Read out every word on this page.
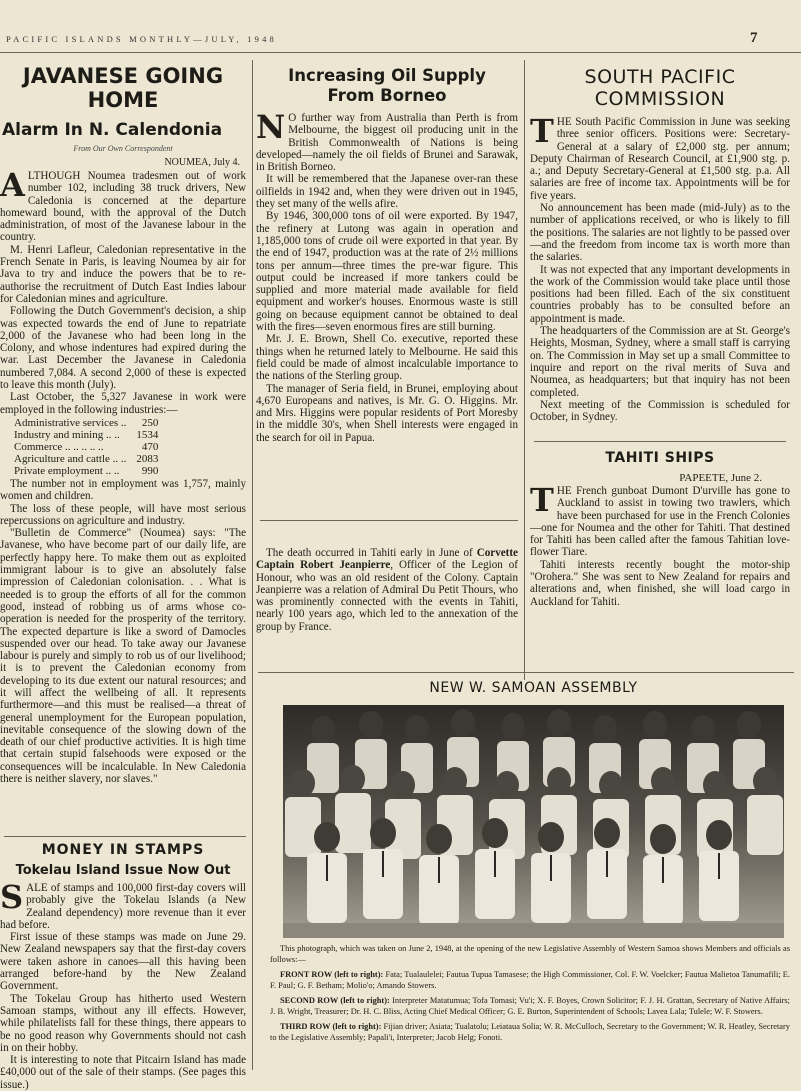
PACIFIC ISLANDS MONTHLY—JULY, 1948	7
JAVANESE GOING HOME
Alarm In N. Calendonia
From Our Own Correspondent
NOUMEA, July 4.

ALTHOUGH Noumea tradesmen out of work number 102, including 38 truck drivers, New Caledonia is concerned at the departure homeward bound, with the approval of the Dutch administration, of most of the Javanese labour in the country.

M. Henri Lafleur, Caledonian representative in the French Senate in Paris, is leaving Noumea by air for Java to try and induce the powers that be to re-authorise the recruitment of Dutch East Indies labour for Caledonian mines and agriculture.

Following the Dutch Government's decision, a ship was expected towards the end of June to repatriate 2,000 of the Javanese who had been long in the Colony, and whose indentures had expired during the war. Last December the Javanese in Caledonia numbered 7,084. A second 2,000 of these is expected to leave this month (July).

Last October, the 5,327 Javanese in work were employed in the following industries:—

Administrative services ..	250
Industry and mining .. ..	1534
Commerce .. .. .. .. ..	470
Agriculture and cattle .. ..	2083
Private employment .. ..	990

The number not in employment was 1,757, mainly women and children.

The loss of these people, will have most serious repercussions on agriculture and industry.

"Bulletin de Commerce" (Noumea) says: "The Javanese, who have become part of our daily life, are perfectly happy here. To make them out as exploited immigrant labour is to give an absolutely false impression of Caledonian colonisation. . . What is needed is to group the efforts of all for the common good, instead of robbing us of arms whose co-operation is needed for the prosperity of the territory. The expected departure is like a sword of Damocles suspended over our head. To take away our Javanese labour is purely and simply to rob us of our livelihood; it is to prevent the Caledonian economy from developing to its due extent our natural resources; and it will affect the wellbeing of all. It represents furthermore—and this must be realised—a threat of general unemployment for the European population, inevitable consequence of the slowing down of the death of our chief productive activities. It is high time that certain stupid falsehoods were exposed or the consequences will be incalculable. In New Caledonia there is neither slavery, nor slaves."

MONEY IN STAMPS
Tokelau Island Issue Now Out

SALE of stamps and 100,000 first-day covers will probably give the Tokelau Islands (a New Zealand dependency) more revenue than it ever had before.

First issue of these stamps was made on June 29. New Zealand newspapers say that the first-day covers were taken ashore in canoes—all this having been arranged before-hand by the New Zealand Government.

The Tokelau Group has hitherto used Western Samoan stamps, without any ill effects. However, while philatelists fall for these things, there appears to be no good reason why Governments should not cash in on their hobby.

It is interesting to note that Pitcairn Island has made £40,000 out of the sale of their stamps. (See pages this issue.)

Increasing Oil Supply
From Borneo

N O further way from Australia than Perth is from Melbourne, the biggest oil producing unit in the British Commonwealth of Nations is being developed—namely the oil fields of Brunei and Sarawak, in British Borneo.

It will be remembered that the Japanese over-ran these oilfields in 1942 and, when they were driven out in 1945, they set many of the wells afire.

By 1946, 300,000 tons of oil were exported. By 1947, the refinery at Lutong was again in operation and 1,185,000 tons of crude oil were exported in that year. By the end of 1947, production was at the rate of 2½ millions tons per annum—three times the pre-war figure. This output could be increased if more tankers could be supplied and more material made available for field equipment and worker's houses. Enormous waste is still going on because equipment cannot be obtained to deal with the fires—seven enormous fires are still burning.

Mr. J. E. Brown, Shell Co. executive, reported these things when he returned lately to Melbourne. He said this field could be made of almost incalculable importance to the nations of the Sterling group.

The manager of Seria field, in Brunei, employing about 4,670 Europeans and natives, is Mr. G. O. Higgins. Mr. and Mrs. Higgins were popular residents of Port Moresby in the middle 30's, when Shell interests were engaged in the search for oil in Papua.

The death occurred in Tahiti early in June of Corvette Captain Robert Jeanpierre, Officer of the Legion of Honour, who was an old resident of the Colony. Captain Jeanpierre was a relation of Admiral Du Petit Thours, who was prominently connected with the events in Tahiti, nearly 100 years ago, which led to the annexation of the group by France.

SOUTH PACIFIC
COMMISSION

THE South Pacific Commission in June was seeking three senior officers. Positions were: Secretary-General at a salary of £2,000 stg. per annum; Deputy Chairman of Research Council, at £1,900 stg. p. a.; and Deputy Secretary-General at £1,500 stg. p.a. All salaries are free of income tax. Appointments will be for five years.

No announcement has been made (mid-July) as to the number of applications received, or who is likely to fill the positions. The salaries are not lightly to be passed over—and the freedom from income tax is worth more than the salaries.

It was not expected that any important developments in the work of the Commission would take place until those positions had been filled. Each of the six constituent countries probably has to be consulted before an appointment is made.

The headquarters of the Commission are at St. George's Heights, Mosman, Sydney, where a small staff is carrying on. The Commission in May set up a small Committee to inquire and report on the rival merits of Suva and Noumea, as headquarters; but that inquiry has not been completed.

Next meeting of the Commission is scheduled for October, in Sydney.

TAHITI SHIPS
PAPEETE, June 2.

THE French gunboat Dumont D'urville has gone to Auckland to assist in towing two trawlers, which have been purchased for use in the French Colonies—one for Noumea and the other for Tahiti. That destined for Tahiti has been called after the famous Tahitian love-flower Tiare.

Tahiti interests recently bought the motor-ship "Orohera." She was sent to New Zealand for repairs and alterations and, when finished, she will load cargo in Auckland for Tahiti.

NEW W. SAMOAN ASSEMBLY

This photograph, which was taken on June 2, 1948, at the opening of the new Legislative Assembly of Western Samoa shows Members and officials as follows:—

FRONT ROW (left to right): Fata; Tualaulelei; Fautua Tupua Tamasese; the High Commissioner, Col. F. W. Voelcker; Fautua Malietoa Tanumafili; E. F. Paul; G. F. Betham; Molio'o; Amando Stowers.

SECOND ROW (left to right): Interpreter Matatumua; Tofa Tomasi; Vu'i; X. F. Boyes, Crown Solicitor; F. J. H. Grattan, Secretary of Native Affairs; J. B. Wright, Treasurer; Dr. H. C. Bliss, Acting Chief Medical Officer; G. E. Burton, Superintendent of Schools; Lavea Lala; Tulele; W. F. Stowers.

THIRD ROW (left to right): Fijian driver; Asiata; Tualatolu; Leiataua Solia; W. R. McCulloch, Secretary to the Government; W. R. Heatley, Secretary to the Legislative Assembly; Papali'i, Interpreter; Jacob Helg; Fonoti.
